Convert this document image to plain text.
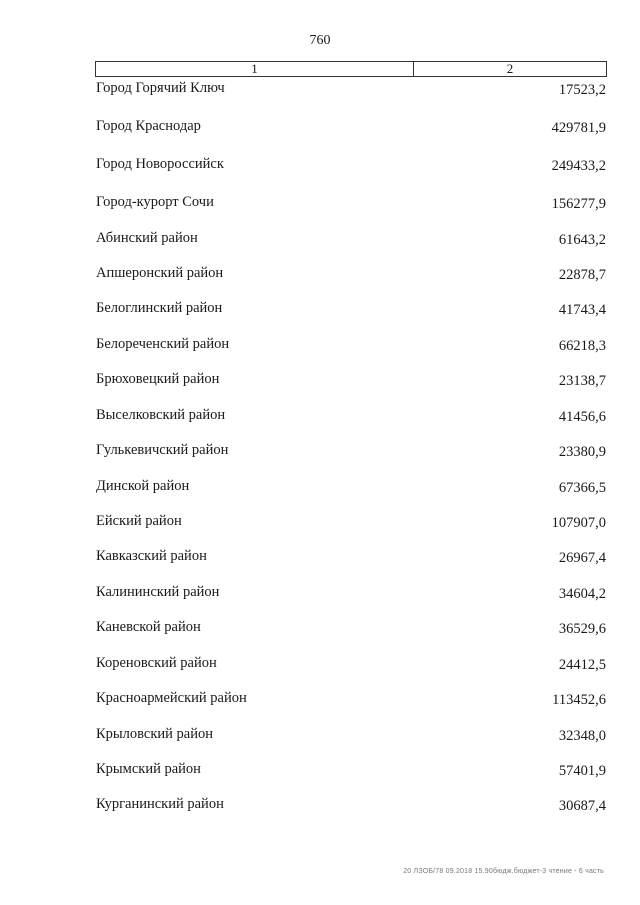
760
1	2
Город Горячий Ключ	17523,2
Город Краснодар	429781,9
Город Новороссийск	249433,2
Город-курорт Сочи	156277,9
Абинский район	61643,2
Апшеронский район	22878,7
Белоглинский район	41743,4
Белореченский район	66218,3
Брюховецкий район	23138,7
Выселковский район	41456,6
Гулькевичский район	23380,9
Динской район	67366,5
Ейский район	107907,0
Кавказский район	26967,4
Калининский район	34604,2
Каневской район	36529,6
Кореновский район	24412,5
Красноармейский район	113452,6
Крыловский район	32348,0
Крымский район	57401,9
Курганинский район	30687,4
20 ЛЗОБ/78 09.2018 15.90бюдж.бюджет-3 чтение - 6 часть
